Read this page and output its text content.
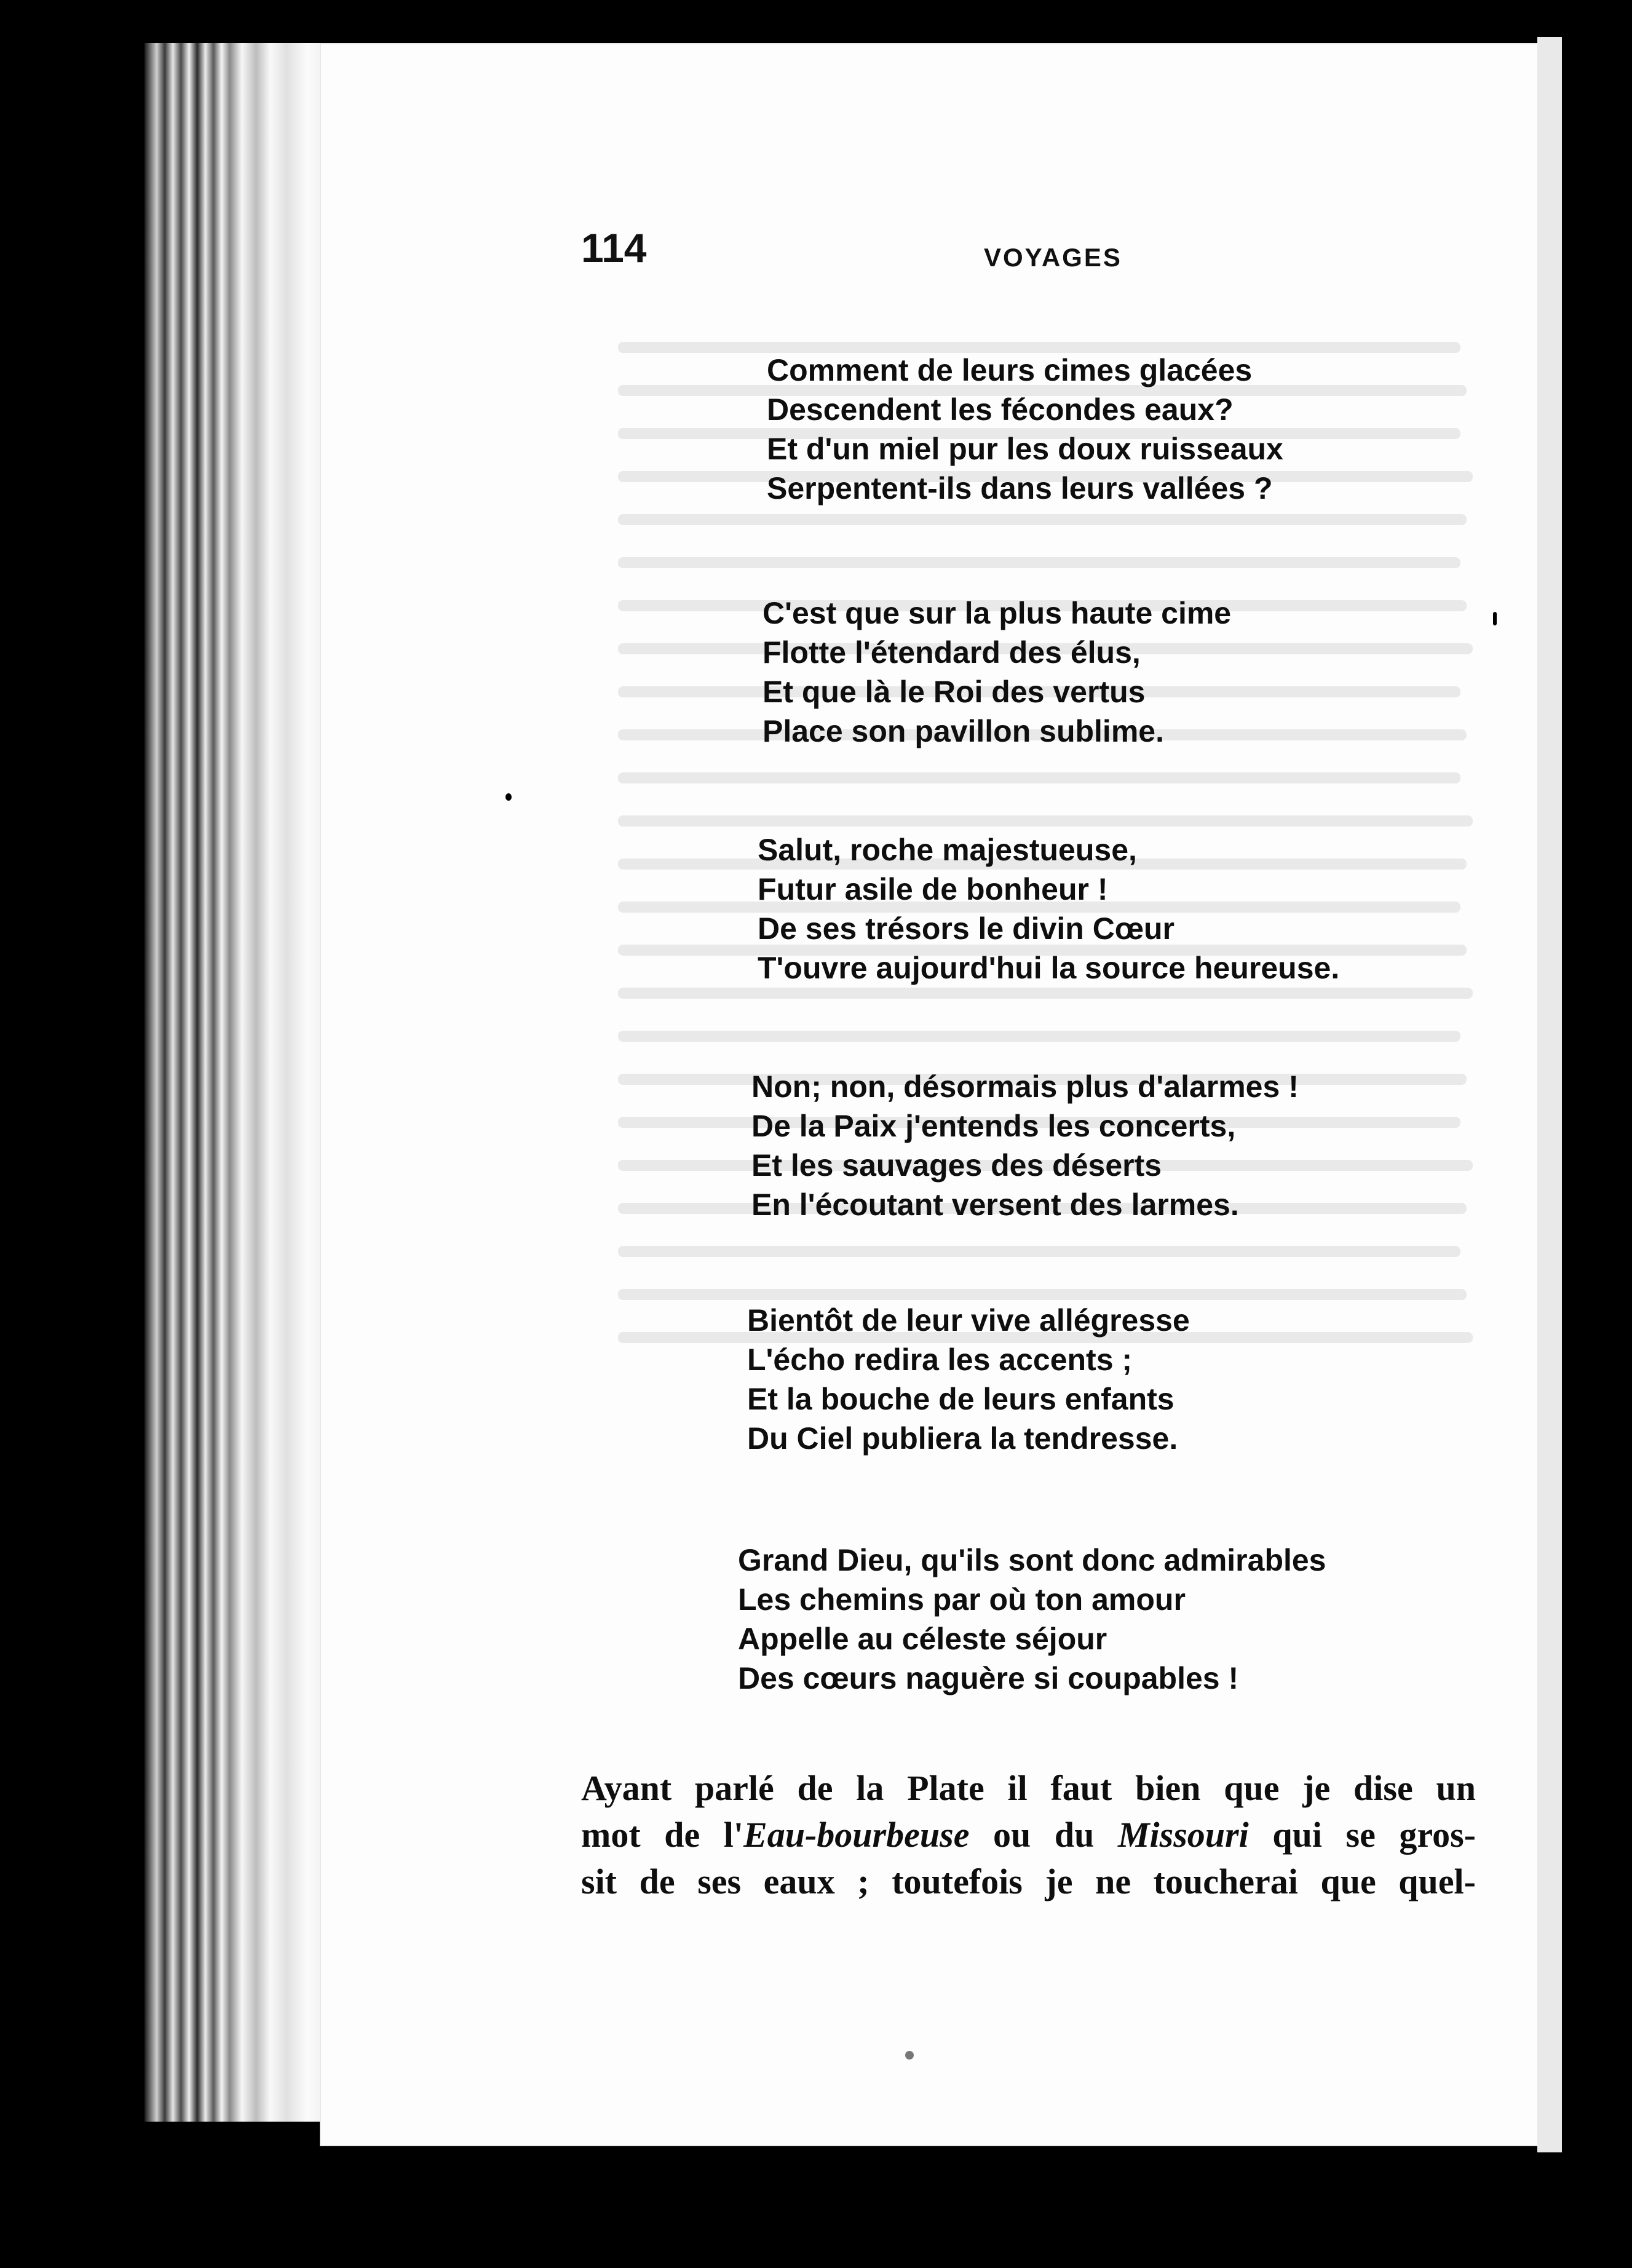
114	VOYAGES
Comment de leurs cimes glacées
Descendent les fécondes eaux?
Et d'un miel pur les doux ruisseaux
Serpentent-ils dans leurs vallées ?
C'est que sur la plus haute cime
Flotte l'étendard des élus,
Et que là le Roi des vertus
Place son pavillon sublime.
Salut, roche majestueuse,
Futur asile de bonheur !
De ses trésors le divin Cœur
T'ouvre aujourd'hui la source heureuse.
Non; non, désormais plus d'alarmes !
De la Paix j'entends les concerts,
Et les sauvages des déserts
En l'écoutant versent des larmes.
Bientôt de leur vive allégresse
L'écho redira les accents ;
Et la bouche de leurs enfants
Du Ciel publiera la tendresse.
Grand Dieu, qu'ils sont donc admirables
Les chemins par où ton amour
Appelle au céleste séjour
Des cœurs naguère si coupables !
Ayant parlé de la Plate il faut bien que je dise un
mot de l'Eau-bourbeuse ou du Missouri qui se gros-
sit de ses eaux ; toutefois je ne toucherai que quel-
